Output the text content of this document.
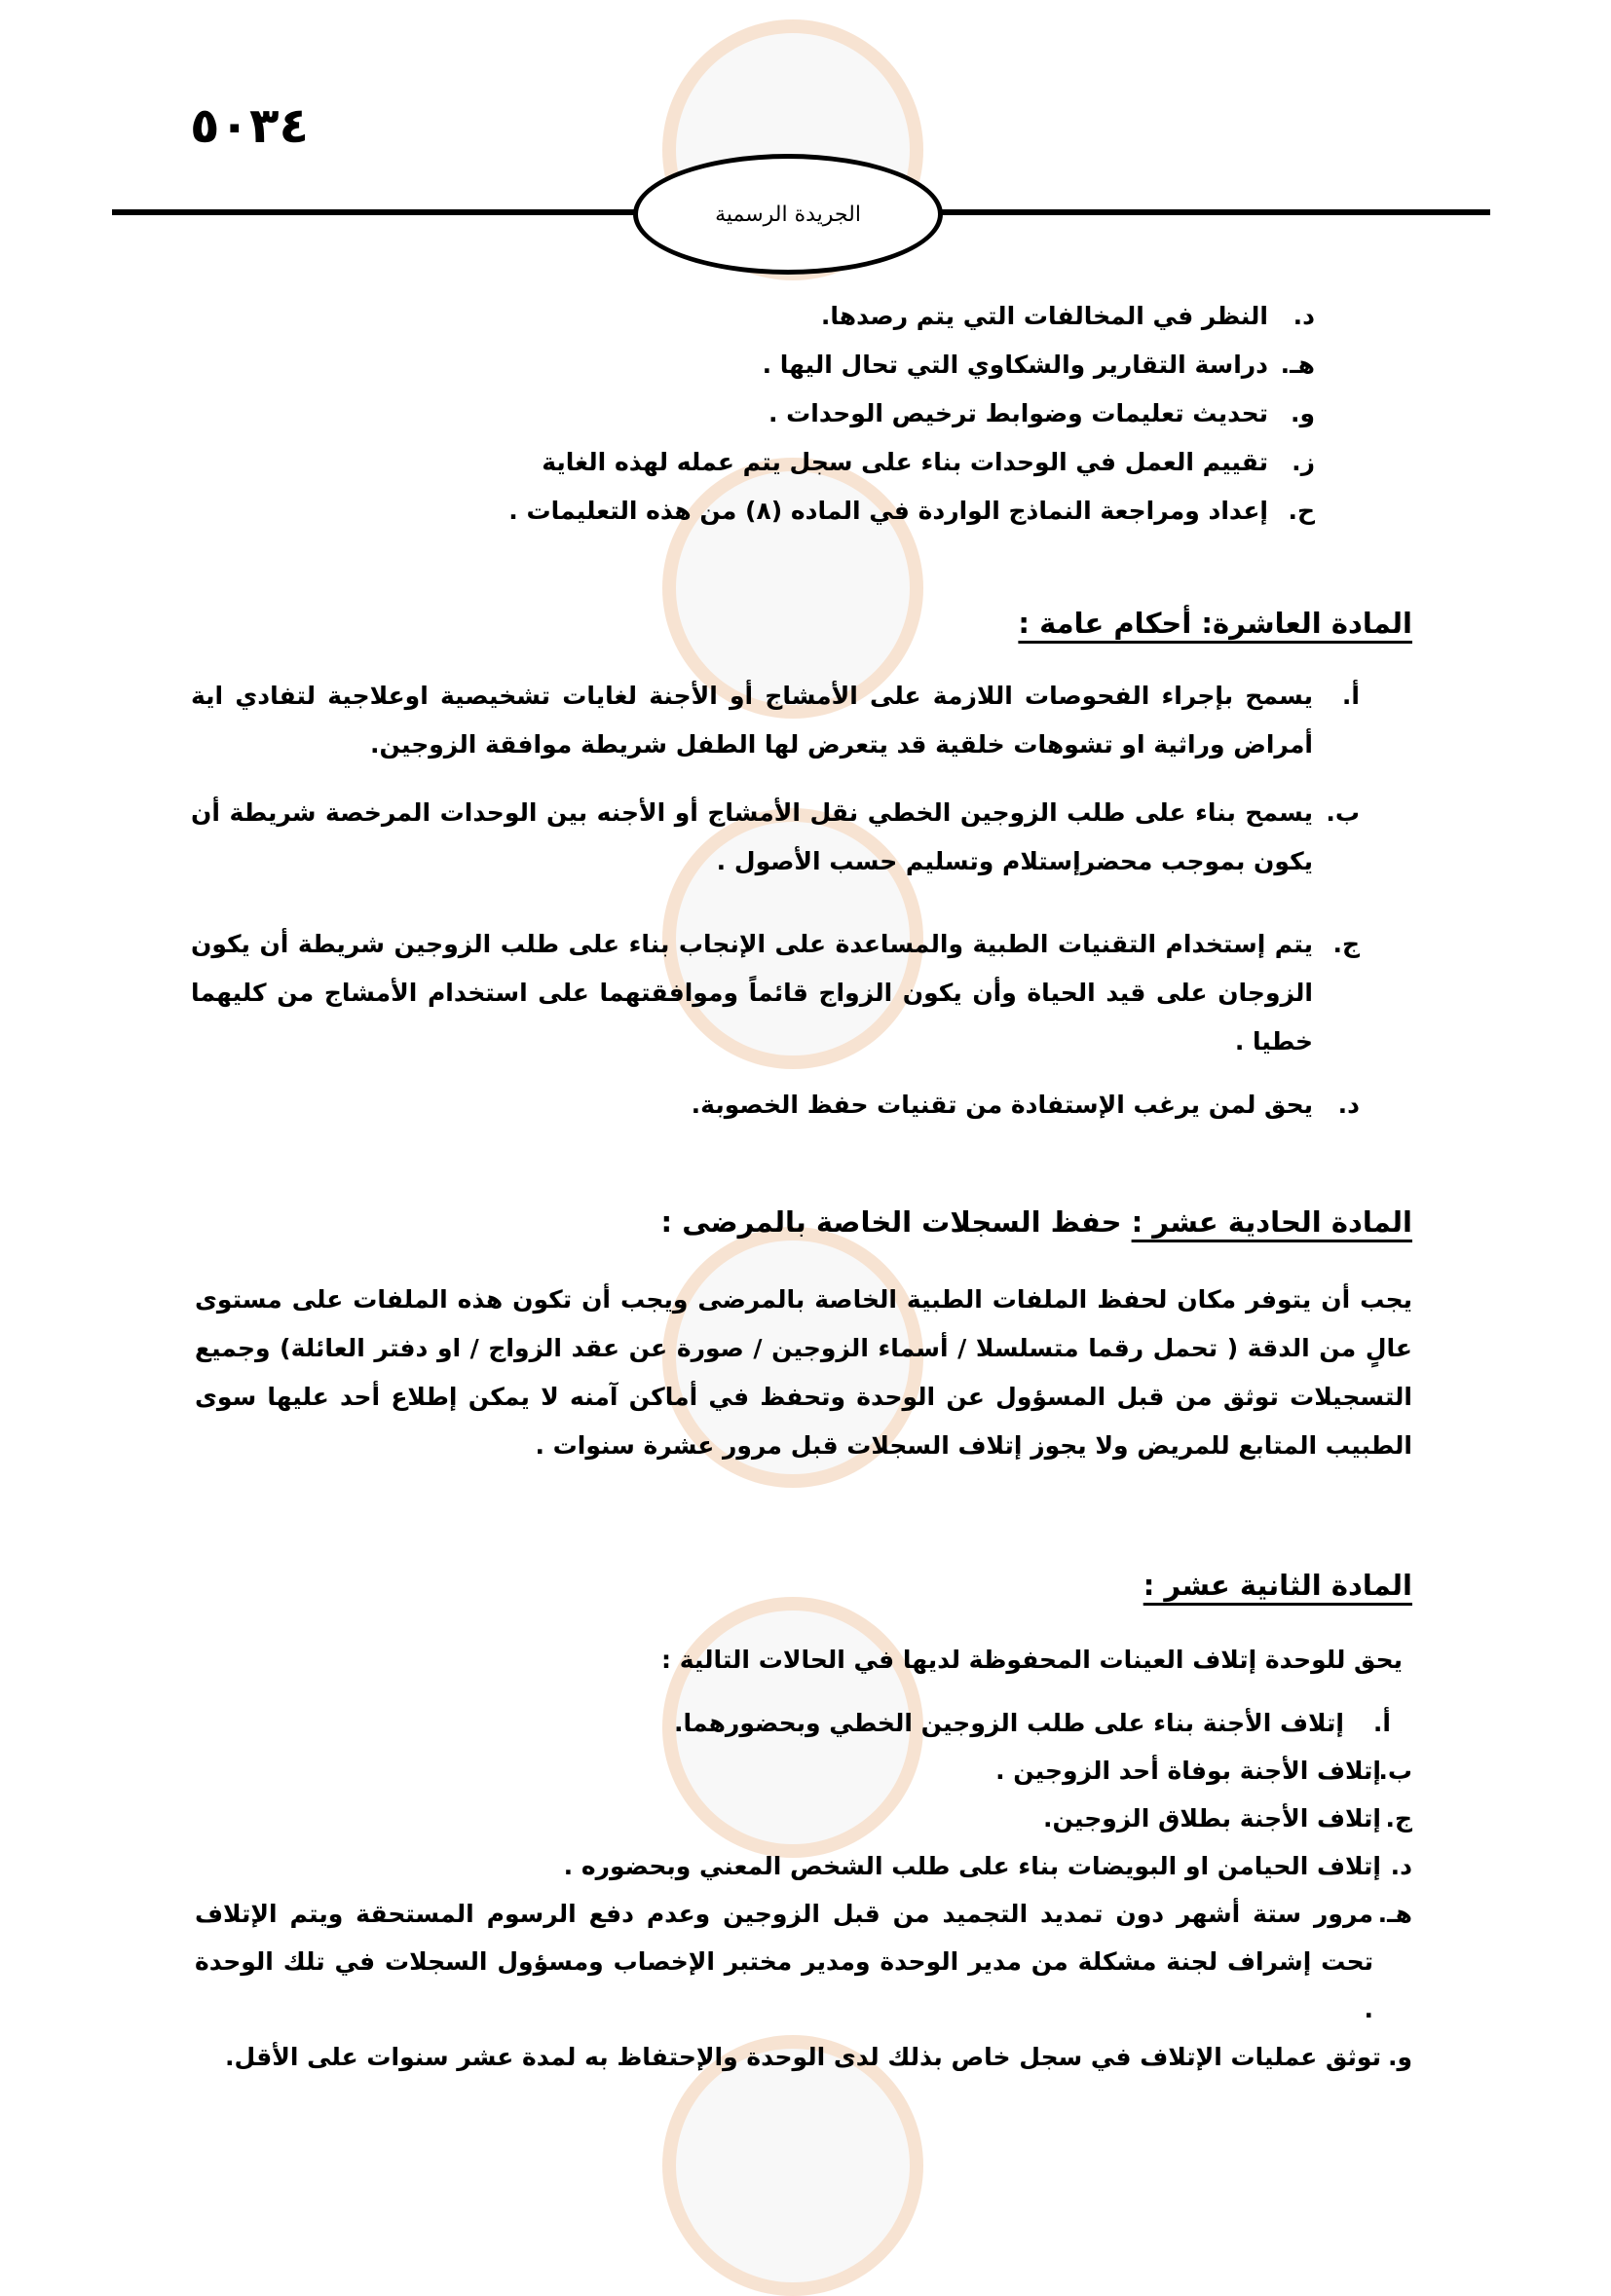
٥٠٣٤
الجريدة الرسمية
د.
النظر في المخالفات التي يتم رصدها.
هـ.
دراسة التقارير والشكاوي التي تحال اليها .
و.
تحديث تعليمات وضوابط ترخيص الوحدات .
ز.
تقييم العمل في الوحدات بناء على سجل يتم عمله لهذه الغاية
ح.
إعداد ومراجعة النماذج الواردة في الماده (٨) من هذه التعليمات .
المادة العاشرة: أحكام عامة :
أ.
يسمح بإجراء الفحوصات اللازمة على الأمشاج أو الأجنة لغايات تشخيصية اوعلاجية لتفادي اية أمراض وراثية او تشوهات خلقية قد يتعرض لها الطفل شريطة موافقة الزوجين.
ب.
يسمح بناء على طلب الزوجين الخطي نقل الأمشاج أو الأجنه بين الوحدات المرخصة شريطة أن يكون بموجب محضرإستلام وتسليم حسب الأصول .
ج.
يتم إستخدام التقنيات الطبية والمساعدة على الإنجاب بناء على طلب الزوجين شريطة أن يكون الزوجان على قيد الحياة وأن يكون الزواج قائماً وموافقتهما على استخدام الأمشاج من كليهما خطيا .
د.
يحق لمن يرغب الإستفادة من تقنيات حفظ الخصوبة.
المادة الحادية عشر : حفظ السجلات الخاصة بالمرضى :
يجب أن يتوفر مكان لحفظ الملفات الطبية الخاصة بالمرضى ويجب أن تكون هذه الملفات على مستوى عالٍ من الدقة ( تحمل رقما متسلسلا / أسماء الزوجين / صورة عن عقد الزواج / او دفتر العائلة) وجميع التسجيلات توثق من قبل المسؤول عن الوحدة وتحفظ في أماكن آمنه لا يمكن إطلاع أحد عليها سوى الطبيب المتابع للمريض ولا يجوز إتلاف السجلات قبل مرور عشرة سنوات .
المادة الثانية عشر :
يحق للوحدة إتلاف العينات المحفوظة لديها في الحالات التالية :
أ.
إتلاف الأجنة بناء على طلب الزوجين الخطي وبحضورهما.
ب.
إتلاف الأجنة بوفاة أحد الزوجين .
ج.
إتلاف الأجنة بطلاق الزوجين.
د.
إتلاف الحيامن او البويضات بناء على طلب الشخص المعني وبحضوره .
هـ.
مرور ستة أشهر دون تمديد التجميد من قبل الزوجين وعدم دفع الرسوم المستحقة ويتم الإتلاف تحت إشراف لجنة مشكلة من مدير الوحدة ومدير مختبر الإخصاب ومسؤول السجلات في تلك الوحدة .
و.
توثق عمليات الإتلاف في سجل خاص بذلك لدى الوحدة والإحتفاظ به لمدة عشر سنوات على الأقل.
